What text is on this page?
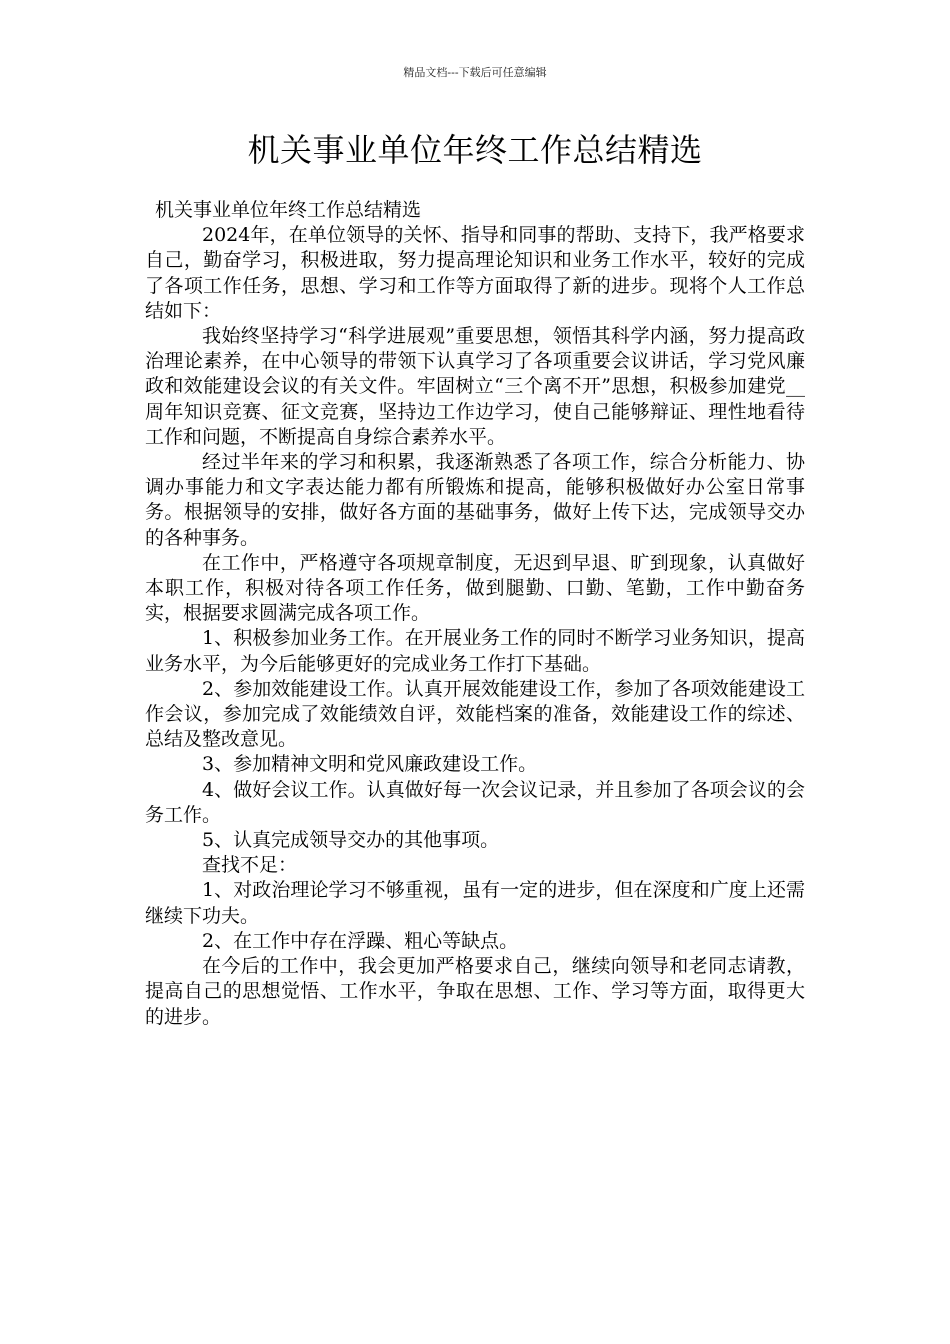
精品文档---下载后可任意编辑
机关事业单位年终工作总结精选
机关事业单位年终工作总结精选

2024年，在单位领导的关怀、指导和同事的帮助、支持下，我严格要求自己，勤奋学习，积极进取，努力提高理论知识和业务工作水平，较好的完成了各项工作任务，思想、学习和工作等方面取得了新的进步。现将个人工作总结如下：

我始终坚持学习“科学进展观”重要思想，领悟其科学内涵，努力提高政治理论素养，在中心领导的带领下认真学习了各项重要会议讲话，学习党风廉政和效能建设会议的有关文件。牢固树立“三个离不开”思想，积极参加建党__周年知识竞赛、征文竞赛，坚持边工作边学习，使自己能够辩证、理性地看待工作和问题，不断提高自身综合素养水平。

经过半年来的学习和积累，我逐渐熟悉了各项工作，综合分析能力、协调办事能力和文字表达能力都有所锻炼和提高，能够积极做好办公室日常事务。根据领导的安排，做好各方面的基础事务，做好上传下达，完成领导交办的各种事务。

在工作中，严格遵守各项规章制度，无迟到早退、旷到现象，认真做好本职工作，积极对待各项工作任务，做到腿勤、口勤、笔勤，工作中勤奋务实，根据要求圆满完成各项工作。

1、积极参加业务工作。在开展业务工作的同时不断学习业务知识，提高业务水平，为今后能够更好的完成业务工作打下基础。

2、参加效能建设工作。认真开展效能建设工作，参加了各项效能建设工作会议，参加完成了效能绩效自评，效能档案的准备，效能建设工作的综述、总结及整改意见。

3、参加精神文明和党风廉政建设工作。

4、做好会议工作。认真做好每一次会议记录，并且参加了各项会议的会务工作。

5、认真完成领导交办的其他事项。

查找不足：

1、对政治理论学习不够重视，虽有一定的进步，但在深度和广度上还需继续下功夫。

2、在工作中存在浮躁、粗心等缺点。

在今后的工作中，我会更加严格要求自己，继续向领导和老同志请教，提高自己的思想觉悟、工作水平，争取在思想、工作、学习等方面，取得更大的进步。
